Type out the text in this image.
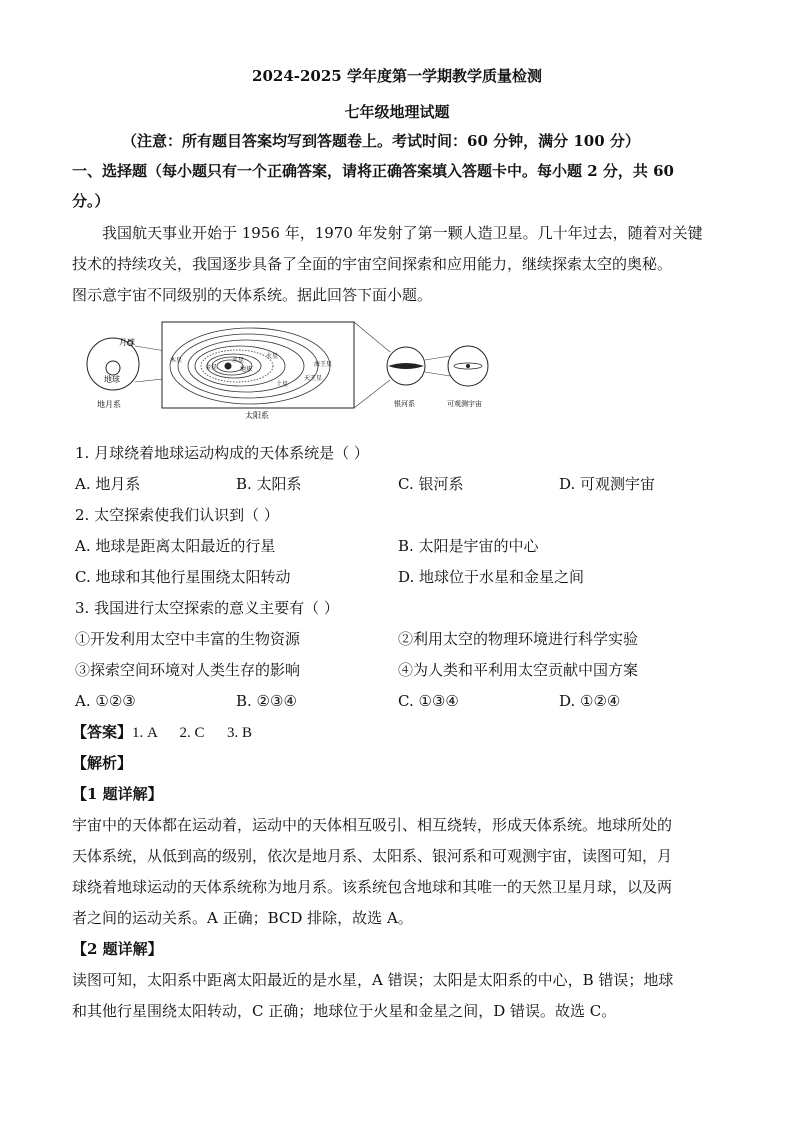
2024-2025 学年度第一学期教学质量检测
七年级地理试题
（注意：所有题目答案均写到答题卷上。考试时间：60 分钟，满分 100 分）
一、选择题（每小题只有一个正确答案，请将正确答案填入答题卡中。每小题 2 分，共 60
分。）
我国航天事业开始于 1956 年，1970 年发射了第一颗人造卫星。几十年过去，随着对关键
技术的持续攻关，我国逐步具备了全面的宇宙空间探索和应用能力，继续探索太空的奥秘。
图示意宇宙不同级别的天体系统。据此回答下面小题。
月球
地球
地月系
金星
水星
地球
火星
木星
土星
天王星
海王星
太阳系
银河系	可观测宇宙
1. 月球绕着地球运动构成的天体系统是（ ）
A. 地月系	B. 太阳系	C. 银河系	D. 可观测宇宙
2. 太空探索使我们认识到（ ）
A. 地球是距离太阳最近的行星	B. 太阳是宇宙的中心
C. 地球和其他行星围绕太阳转动	D. 地球位于水星和金星之间
3. 我国进行太空探索的意义主要有（ ）
①开发利用太空中丰富的生物资源	②利用太空的物理环境进行科学实验
③探索空间环境对人类生存的影响	④为人类和平利用太空贡献中国方案
A. ①②③	B. ②③④	C. ①③④	D. ①②④
【答案】1. A      2. C      3. B
【解析】
【1 题详解】
宇宙中的天体都在运动着，运动中的天体相互吸引、相互绕转，形成天体系统。地球所处的
天体系统，从低到高的级别，依次是地月系、太阳系、银河系和可观测宇宙，读图可知，月
球绕着地球运动的天体系统称为地月系。该系统包含地球和其唯一的天然卫星月球，以及两
者之间的运动关系。A 正确；BCD 排除，故选 A。
【2 题详解】
读图可知，太阳系中距离太阳最近的是水星，A 错误；太阳是太阳系的中心，B 错误；地球
和其他行星围绕太阳转动，C 正确；地球位于火星和金星之间，D 错误。故选 C。
